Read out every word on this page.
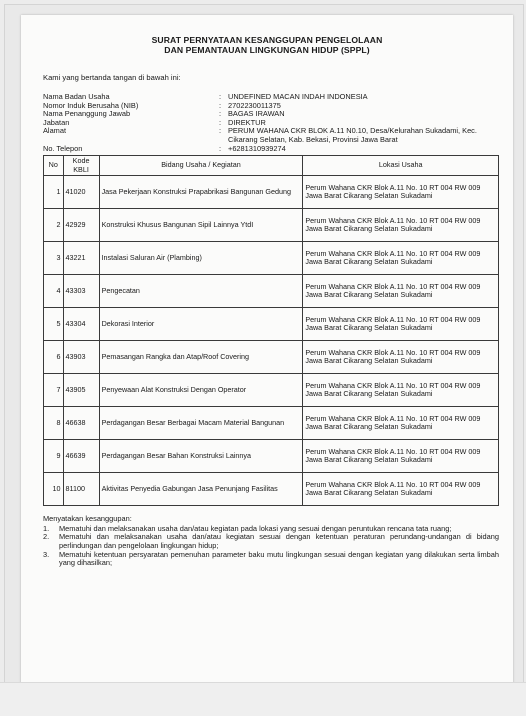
SURAT PERNYATAAN KESANGGUPAN PENGELOLAAN
DAN PEMANTAUAN LINGKUNGAN HIDUP (SPPL)
Kami yang bertanda tangan di bawah ini:
Nama Badan Usaha	: UNDEFINED MACAN INDAH INDONESIA
Nomor Induk Berusaha (NIB)	: 2702230011375
Nama Penanggung Jawab	: BAGAS IRAWAN
Jabatan	: DIREKTUR
Alamat	: PERUM WAHANA CKR BLOK A.11 N0.10, Desa/Kelurahan Sukadami, Kec. Cikarang Selatan, Kab. Bekasi, Provinsi Jawa Barat
No. Telepon	: +6281310939274
No	Kode KBLI	Bidang Usaha / Kegiatan	Lokasi Usaha
1	41020	Jasa Pekerjaan Konstruksi Prapabrikasi Bangunan Gedung	Perum Wahana CKR Blok A.11 No. 10 RT 004 RW 009 Jawa Barat Cikarang Selatan Sukadami
2	42929	Konstruksi Khusus Bangunan Sipil Lainnya YtdI	Perum Wahana CKR Blok A.11 No. 10 RT 004 RW 009 Jawa Barat Cikarang Selatan Sukadami
3	43221	Instalasi Saluran Air (Plambing)	Perum Wahana CKR Blok A.11 No. 10 RT 004 RW 009 Jawa Barat Cikarang Selatan Sukadami
4	43303	Pengecatan	Perum Wahana CKR Blok A.11 No. 10 RT 004 RW 009 Jawa Barat Cikarang Selatan Sukadami
5	43304	Dekorasi Interior	Perum Wahana CKR Blok A.11 No. 10 RT 004 RW 009 Jawa Barat Cikarang Selatan Sukadami
6	43903	Pemasangan Rangka dan Atap/Roof Covering	Perum Wahana CKR Blok A.11 No. 10 RT 004 RW 009 Jawa Barat Cikarang Selatan Sukadami
7	43905	Penyewaan Alat Konstruksi Dengan Operator	Perum Wahana CKR Blok A.11 No. 10 RT 004 RW 009 Jawa Barat Cikarang Selatan Sukadami
8	46638	Perdagangan Besar Berbagai Macam Material Bangunan	Perum Wahana CKR Blok A.11 No. 10 RT 004 RW 009 Jawa Barat Cikarang Selatan Sukadami
9	46639	Perdagangan Besar Bahan Konstruksi Lainnya	Perum Wahana CKR Blok A.11 No. 10 RT 004 RW 009 Jawa Barat Cikarang Selatan Sukadami
10	81100	Aktivitas Penyedia Gabungan Jasa Penunjang Fasilitas	Perum Wahana CKR Blok A.11 No. 10 RT 004 RW 009 Jawa Barat Cikarang Selatan Sukadami
Menyatakan kesanggupan:
1.	Mematuhi dan melaksanakan usaha dan/atau kegiatan pada lokasi yang sesuai dengan peruntukan rencana tata ruang;
2.	Mematuhi dan melaksanakan usaha dan/atau kegiatan sesuai dengan ketentuan peraturan perundang-undangan di bidang perlindungan dan pengelolaan lingkungan hidup;
3.	Mematuhi ketentuan persyaratan pemenuhan parameter baku mutu lingkungan sesuai dengan kegiatan yang dilakukan serta limbah yang dihasilkan;
